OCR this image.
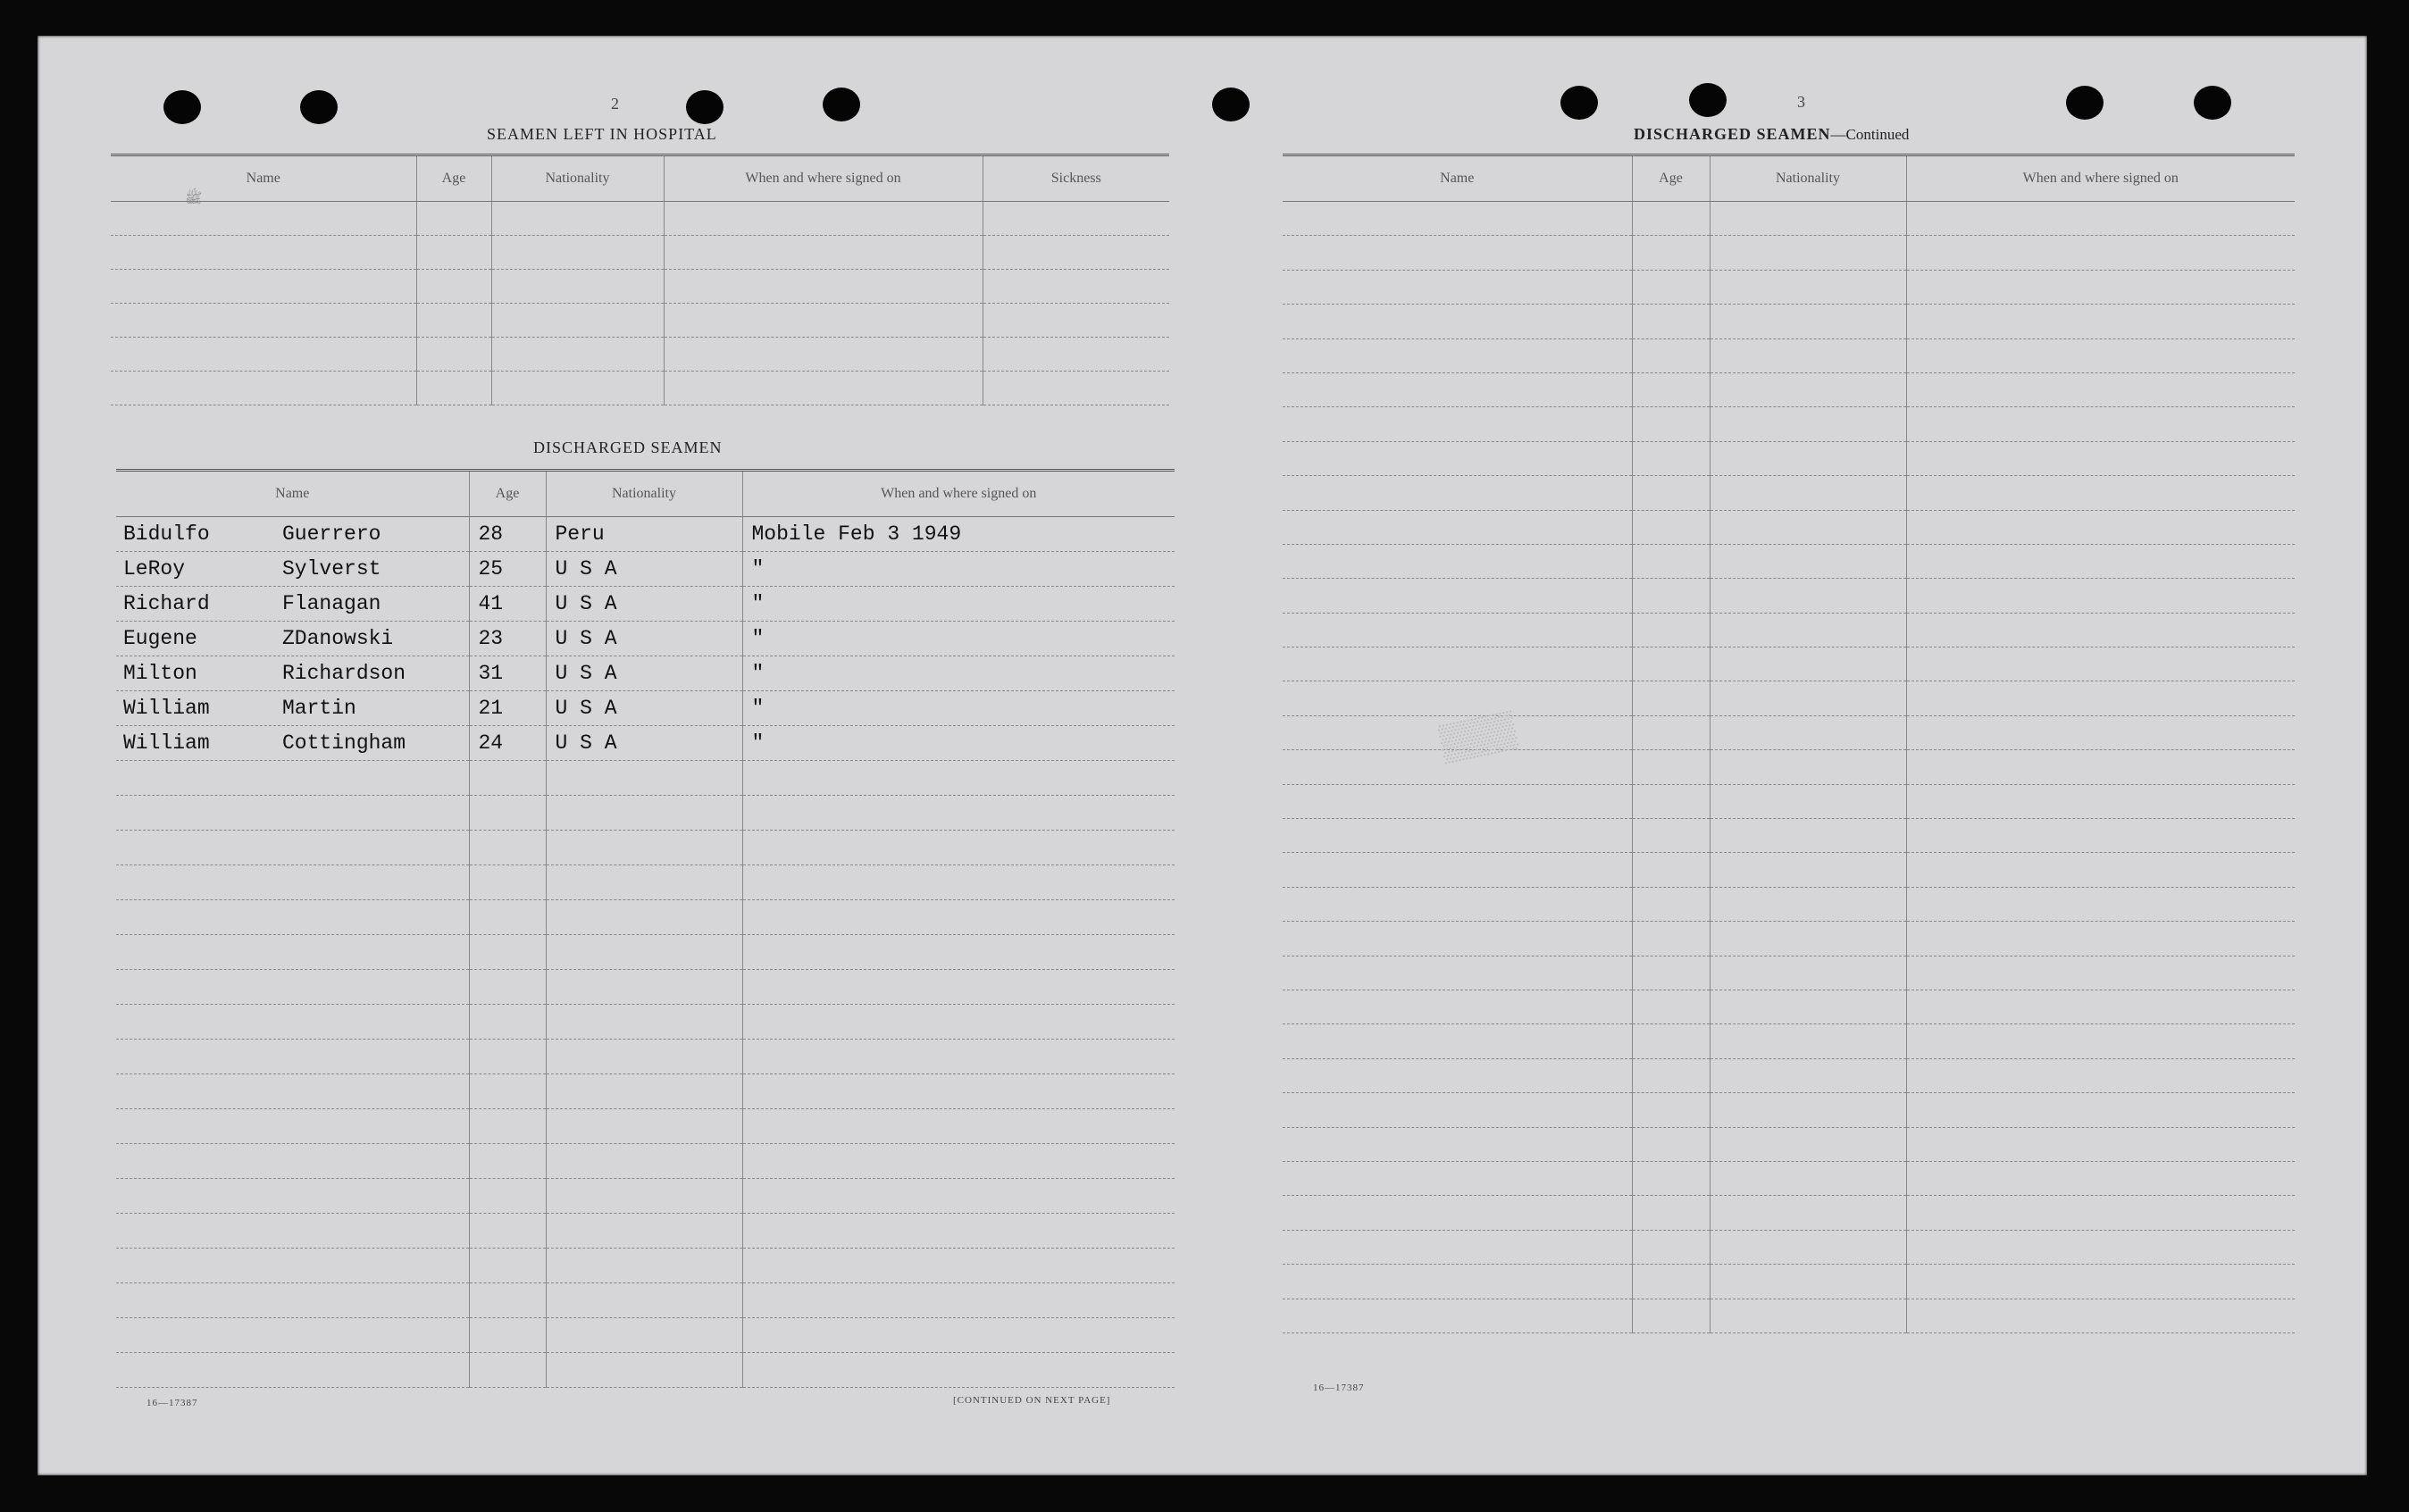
2
SEAMEN LEFT IN HOSPITAL
Name	Age	Nationality	When and where signed on	Sickness

ﷺ
DISCHARGED SEAMEN
Name	Age	Nationality	When and where signed on
Bidulfo Guerrero	28	Peru	Mobile Feb 3 1949
LeRoy Sylverst	25	U S A	"
Richard Flanagan	41	U S A	"
Eugene ZDanowski	23	U S A	"
Milton Richardson	31	U S A	"
William Martin	21	U S A	"
William Cottingham	24	U S A	"

16—17387	[CONTINUED ON NEXT PAGE]
3
DISCHARGED SEAMEN—Continued
Name	Age	Nationality	When and where signed on

▒▒▒
16—17387
